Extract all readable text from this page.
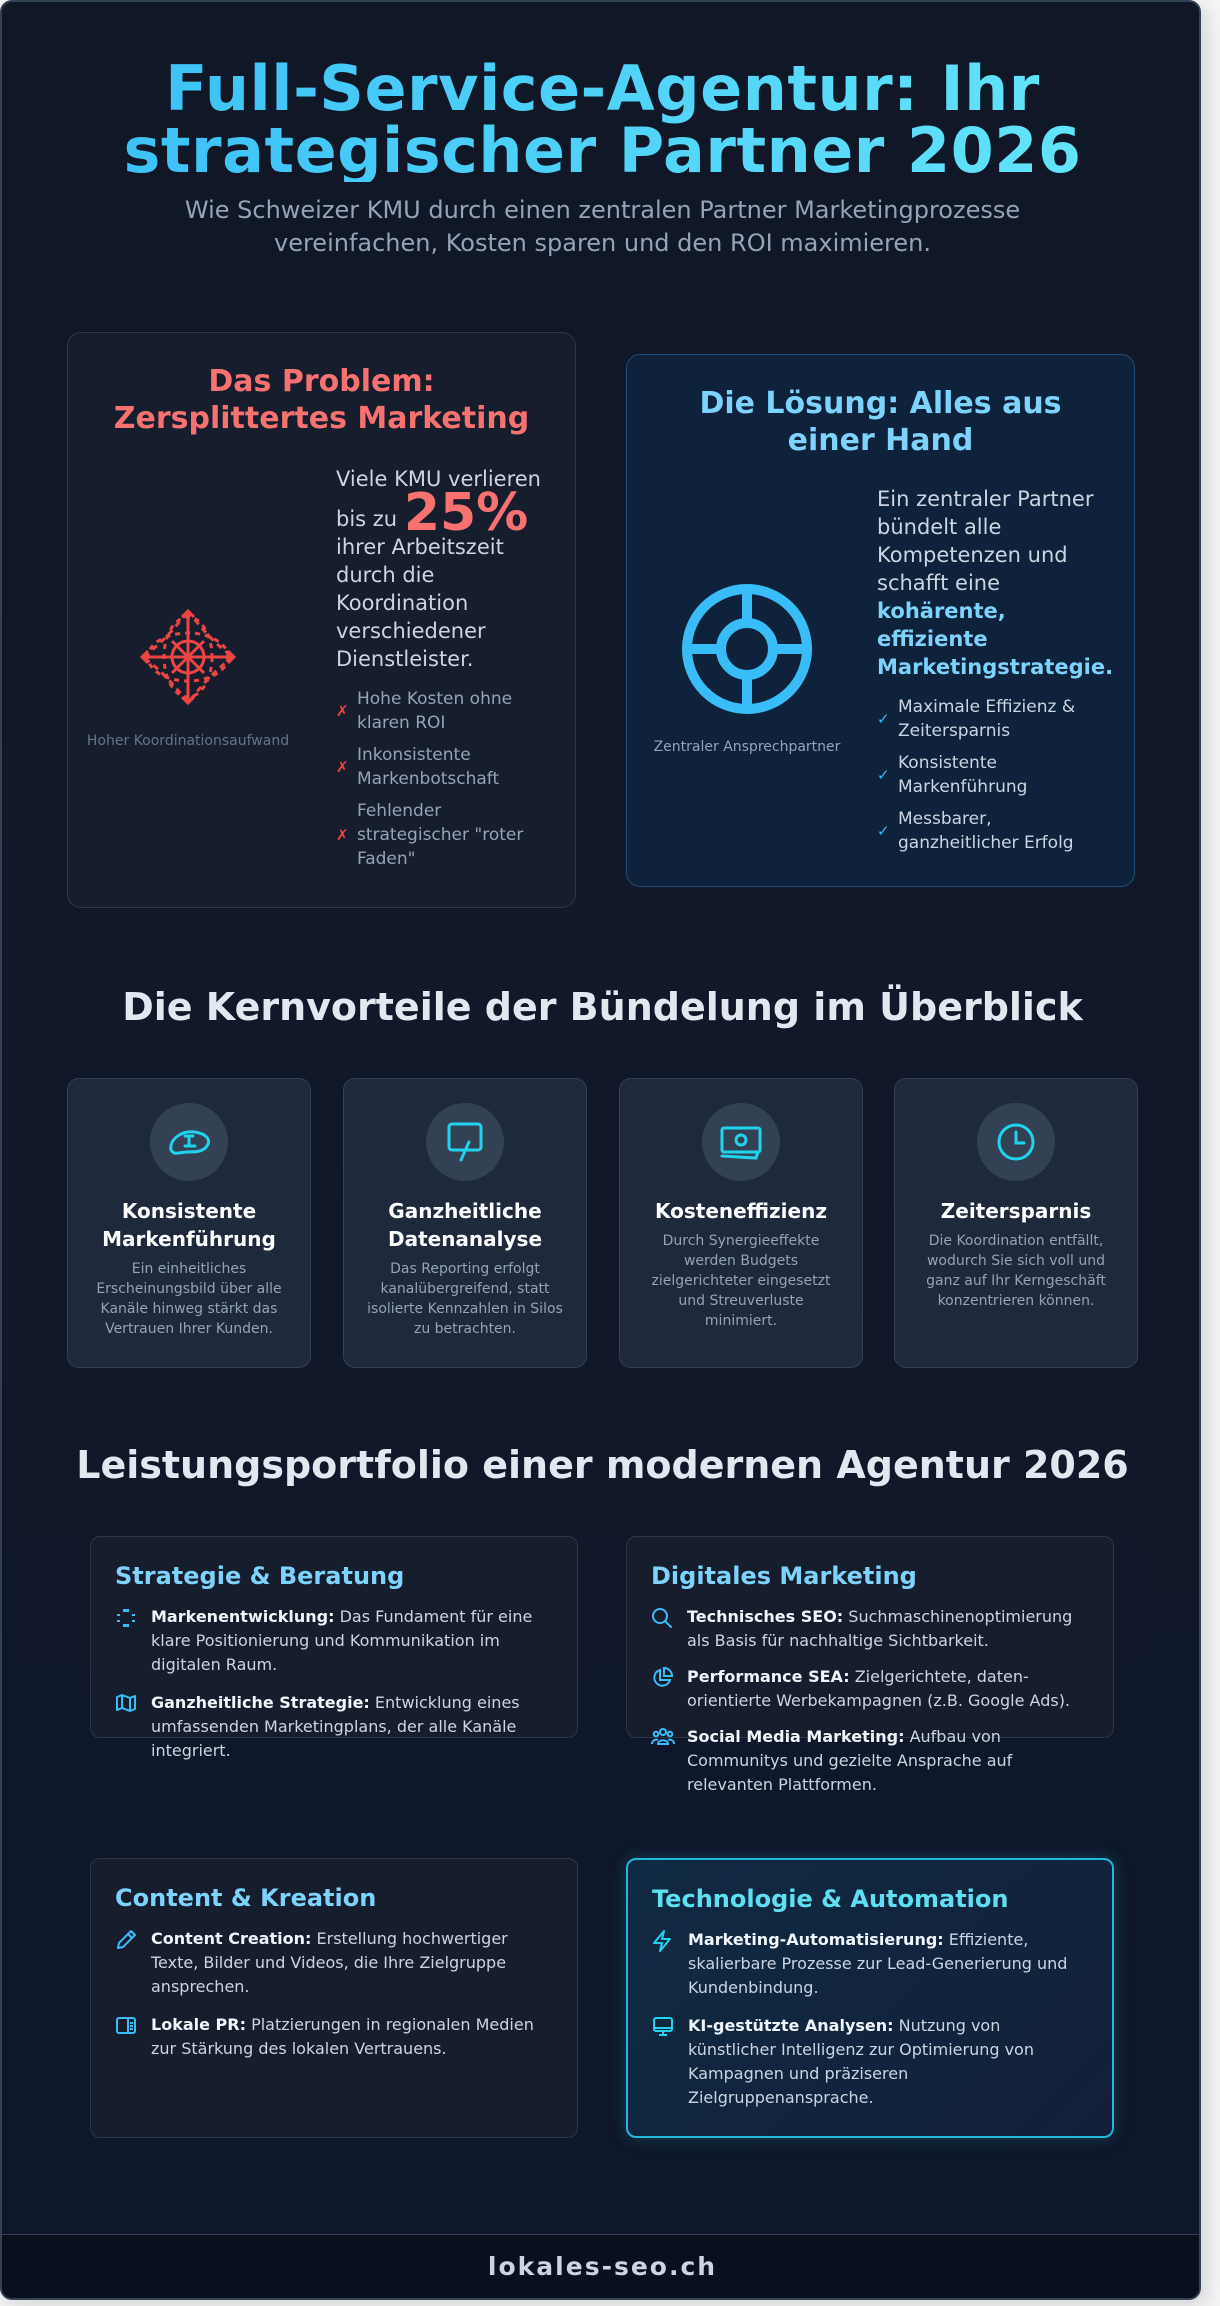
Full-Service-Agentur: Ihr strategischer Partner 2026

Wie Schweizer KMU durch einen zentralen Partner Marketingprozesse vereinfachen, Kosten sparen und den ROI maximieren.

Das Problem: Zersplittertes Marketing
Hoher Koordinationsaufwand

Viele KMU verlieren bis zu 25% ihrer Arbeitszeit durch die Koordination verschiedener Dienstleister.

✗
Hohe Kosten ohne klaren ROI
✗
Inkonsistente Markenbotschaft
✗
Fehlender strategischer "roter Faden"
Die Lösung: Alles aus einer Hand
Zentraler Ansprechpartner

Ein zentraler Partner bündelt alle Kompetenzen und schafft eine kohärente, effiziente Marketingstrategie.

✓
Maximale Effizienz & Zeitersparnis
✓
Konsistente Markenführung
✓
Messbarer, ganzheitlicher Erfolg
Die Kernvorteile der Bündelung im Überblick
Konsistente Markenführung
Ein einheitliches Erscheinungsbild über alle Kanäle hinweg stärkt das Vertrauen Ihrer Kunden.
Ganzheitliche Datenanalyse
Das Reporting erfolgt kanalübergreifend, statt isolierte Kennzahlen in Silos zu betrachten.
Kosteneffizienz
Durch Synergieeffekte werden Budgets zielgerichteter eingesetzt und Streuverluste minimiert.
Zeitersparnis
Die Koordination entfällt, wodurch Sie sich voll und ganz auf Ihr Kerngeschäft konzentrieren können.
Leistungsportfolio einer modernen Agentur 2026
Strategie & Beratung
Markenentwicklung: Das Fundament für eine klare Positionierung und Kommunikation im digitalen Raum.
Ganzheitliche Strategie: Entwicklung eines umfassenden Marketingplans, der alle Kanäle integriert.
Digitales Marketing
Technisches SEO: Suchmaschinenoptimierung als Basis für nachhaltige Sichtbarkeit.
Performance SEA: Zielgerichtete, daten-orientierte Werbekampagnen (z.B. Google Ads).
Social Media Marketing: Aufbau von Communitys und gezielte Ansprache auf relevanten Plattformen.
Content & Kreation
Content Creation: Erstellung hochwertiger Texte, Bilder und Videos, die Ihre Zielgruppe ansprechen.
Lokale PR: Platzierungen in regionalen Medien zur Stärkung des lokalen Vertrauens.
Technologie & Automation
Marketing-Automatisierung: Effiziente, skalierbare Prozesse zur Lead-Generierung und Kundenbindung.
KI-gestützte Analysen: Nutzung von künstlicher Intelligenz zur Optimierung von Kampagnen und präziseren Zielgruppenansprache.
lokales-seo.ch
